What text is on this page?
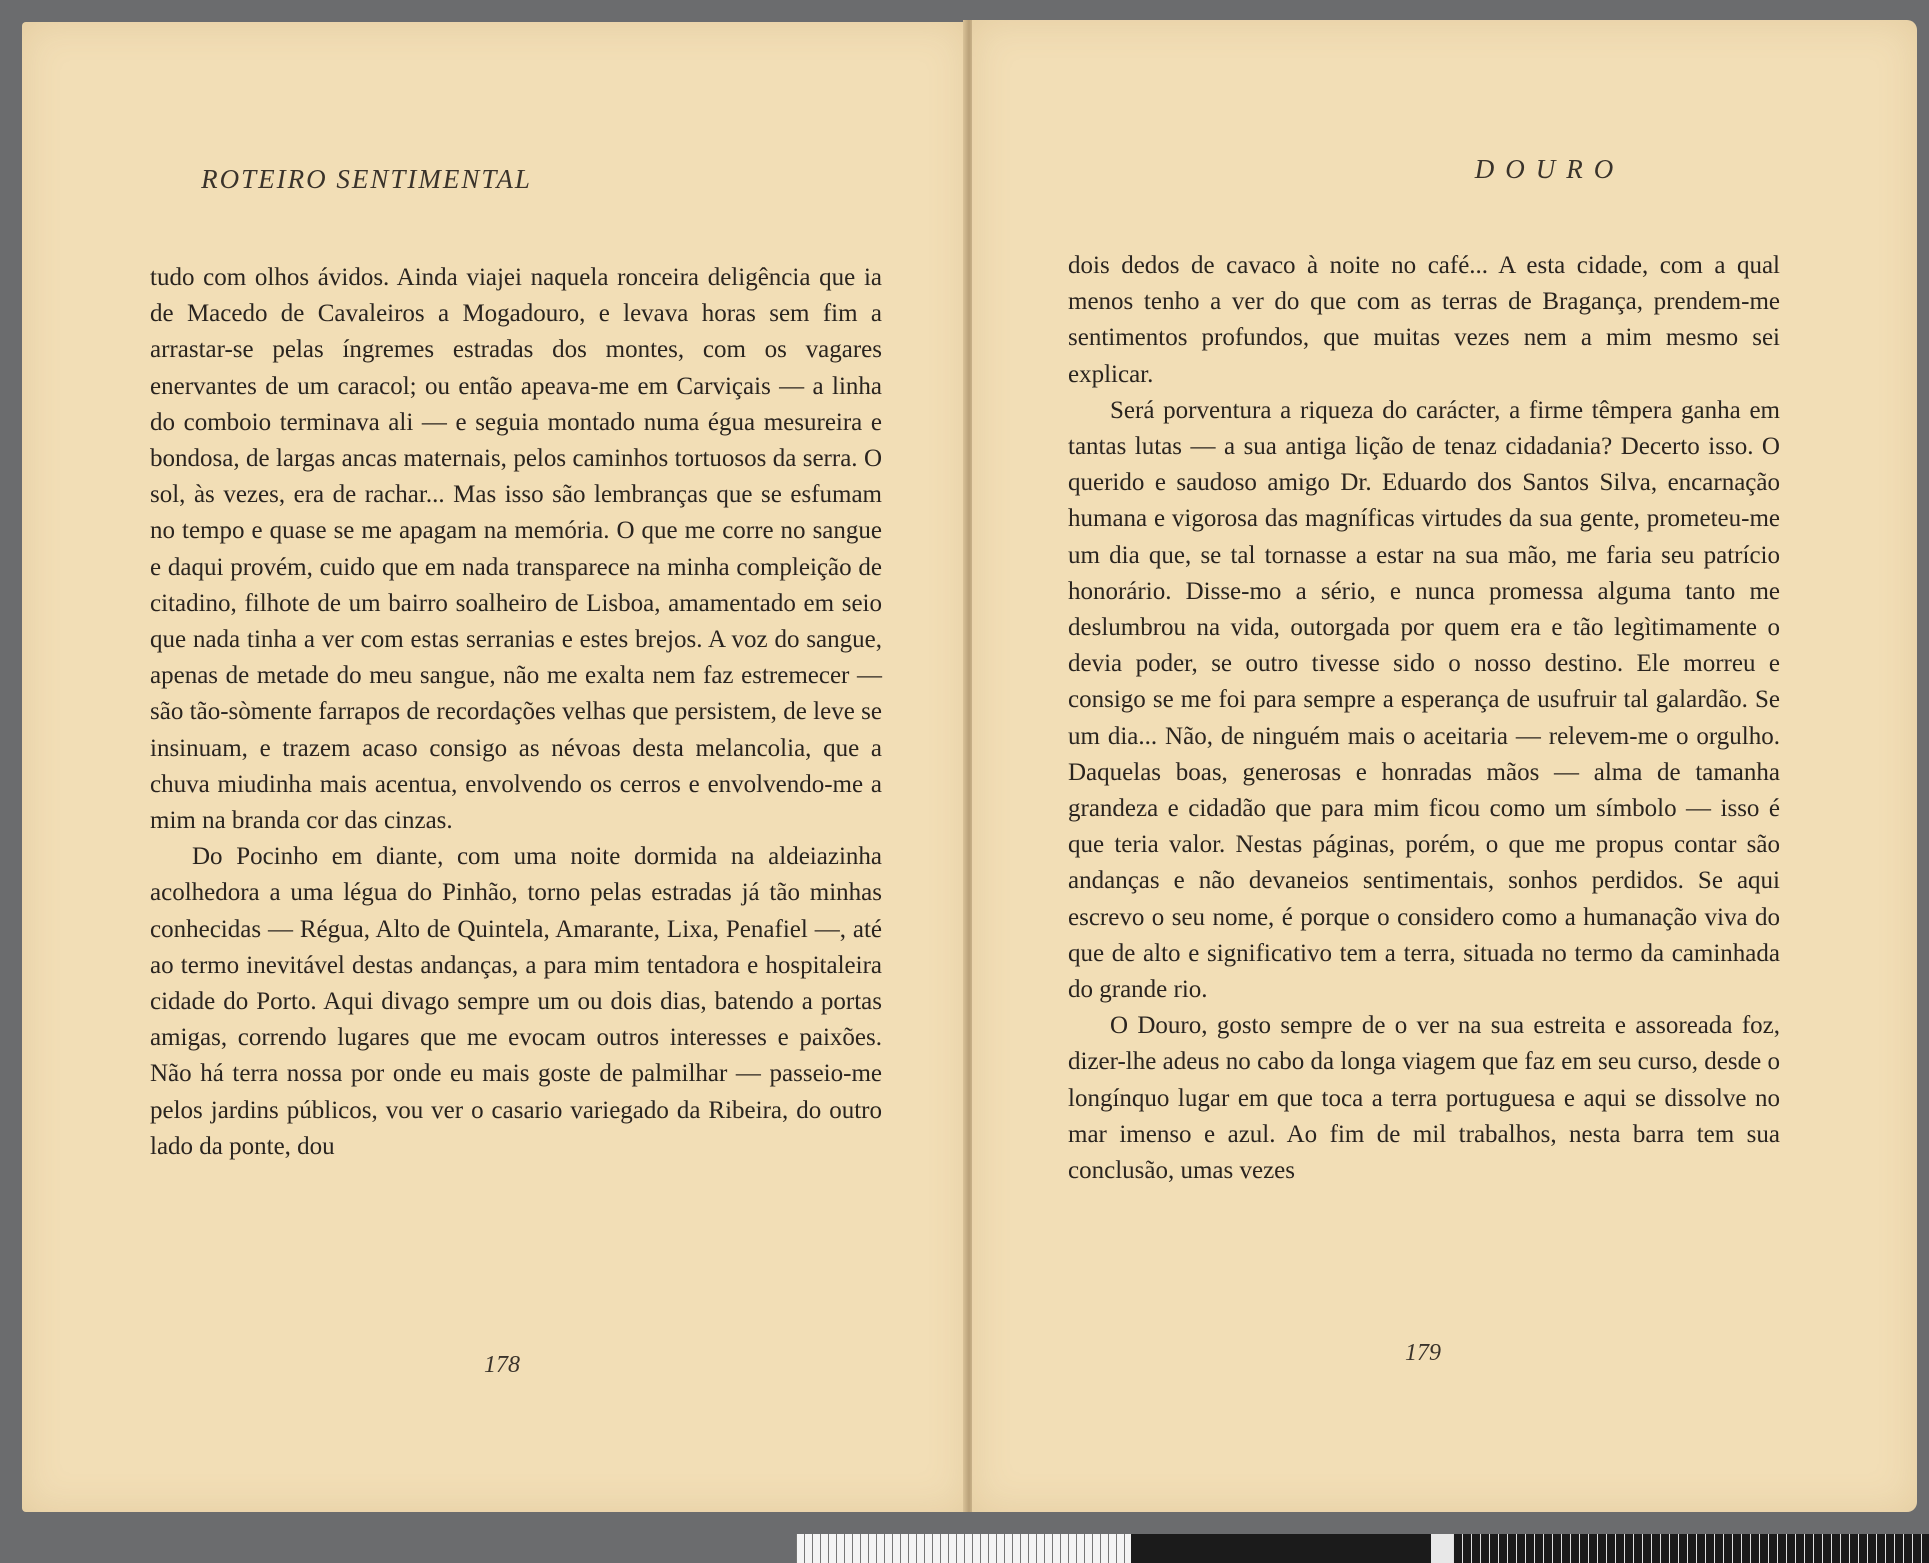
ROTEIRO SENTIMENTAL

tudo com olhos ávidos. Ainda viajei naquela ronceira deligência que ia de Macedo de Cavaleiros a Mogadouro, e levava horas sem fim a arrastar-se pelas íngremes estradas dos montes, com os vagares enervantes de um caracol; ou então apeava-me em Carviçais — a linha do comboio terminava ali — e seguia montado numa égua mesureira e bondosa, de largas ancas maternais, pelos caminhos tortuosos da serra. O sol, às vezes, era de rachar... Mas isso são lembranças que se esfumam no tempo e quase se me apagam na memória. O que me corre no sangue e daqui provém, cuido que em nada transparece na minha compleição de citadino, filhote de um bairro soalheiro de Lisboa, amamentado em seio que nada tinha a ver com estas serranias e estes brejos. A voz do sangue, apenas de metade do meu sangue, não me exalta nem faz estremecer — são tão-sòmente farrapos de recordações velhas que persistem, de leve se insinuam, e trazem acaso consigo as névoas desta melancolia, que a chuva miudinha mais acentua, envolvendo os cerros e envolvendo-me a mim na branda cor das cinzas.

Do Pocinho em diante, com uma noite dormida na aldeiazinha acolhedora a uma légua do Pinhão, torno pelas estradas já tão minhas conhecidas — Régua, Alto de Quintela, Amarante, Lixa, Penafiel —, até ao termo inevitável destas andanças, a para mim tentadora e hospitaleira cidade do Porto. Aqui divago sempre um ou dois dias, batendo a portas amigas, correndo lugares que me evocam outros interesses e paixões. Não há terra nossa por onde eu mais goste de palmilhar — passeio-me pelos jardins públicos, vou ver o casario variegado da Ribeira, do outro lado da ponte, dou

178
DOURO

dois dedos de cavaco à noite no café... A esta cidade, com a qual menos tenho a ver do que com as terras de Bragança, prendem-me sentimentos profundos, que muitas vezes nem a mim mesmo sei explicar.

Será porventura a riqueza do carácter, a firme têmpera ganha em tantas lutas — a sua antiga lição de tenaz cidadania? Decerto isso. O querido e saudoso amigo Dr. Eduardo dos Santos Silva, encarnação humana e vigorosa das magníficas virtudes da sua gente, prometeu-me um dia que, se tal tornasse a estar na sua mão, me faria seu patrício honorário. Disse-mo a sério, e nunca promessa alguma tanto me deslumbrou na vida, outorgada por quem era e tão legìtimamente o devia poder, se outro tivesse sido o nosso destino. Ele morreu e consigo se me foi para sempre a esperança de usufruir tal galardão. Se um dia... Não, de ninguém mais o aceitaria — relevem-me o orgulho. Daquelas boas, generosas e honradas mãos — alma de tamanha grandeza e cidadão que para mim ficou como um símbolo — isso é que teria valor. Nestas páginas, porém, o que me propus contar são andanças e não devaneios sentimentais, sonhos perdidos. Se aqui escrevo o seu nome, é porque o considero como a humanação viva do que de alto e significativo tem a terra, situada no termo da caminhada do grande rio.

O Douro, gosto sempre de o ver na sua estreita e assoreada foz, dizer-lhe adeus no cabo da longa viagem que faz em seu curso, desde o longínquo lugar em que toca a terra portuguesa e aqui se dissolve no mar imenso e azul. Ao fim de mil trabalhos, nesta barra tem sua conclusão, umas vezes

179
